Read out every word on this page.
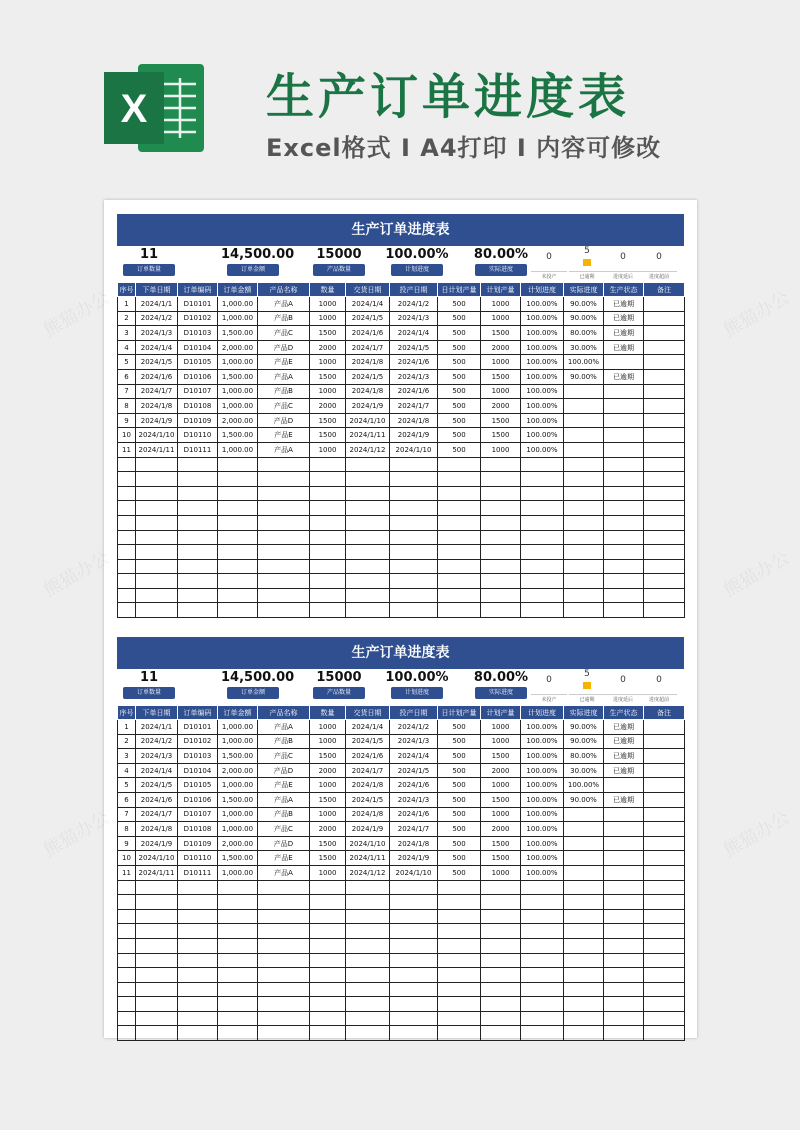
X 生产订单进度表
Excel格式 I A4打印 I 内容可修改
生产订单进度表
11
订单数量
14,500.00
订单金额
15000
产品数量
100.00%
计划进度
80.00%
实际进度
0
未投产
5
已逾期
0
进度延后
0
进度超前
序号	下单日期	订单编码	订单金额	产品名称	数量	交货日期	投产日期	日计划产量	计划产量	计划进度	实际进度	生产状态	备注
1	2024/1/1	D10101	1,000.00	产品A	1000	2024/1/4	2024/1/2	500	1000	100.00%	90.00%	已逾期	
2	2024/1/2	D10102	1,000.00	产品B	1000	2024/1/5	2024/1/3	500	1000	100.00%	90.00%	已逾期	
3	2024/1/3	D10103	1,500.00	产品C	1500	2024/1/6	2024/1/4	500	1500	100.00%	80.00%	已逾期	
4	2024/1/4	D10104	2,000.00	产品D	2000	2024/1/7	2024/1/5	500	2000	100.00%	30.00%	已逾期	
5	2024/1/5	D10105	1,000.00	产品E	1000	2024/1/8	2024/1/6	500	1000	100.00%	100.00%		
6	2024/1/6	D10106	1,500.00	产品A	1500	2024/1/5	2024/1/3	500	1500	100.00%	90.00%	已逾期	
7	2024/1/7	D10107	1,000.00	产品B	1000	2024/1/8	2024/1/6	500	1000	100.00%			
8	2024/1/8	D10108	1,000.00	产品C	2000	2024/1/9	2024/1/7	500	2000	100.00%			
9	2024/1/9	D10109	2,000.00	产品D	1500	2024/1/10	2024/1/8	500	1500	100.00%			
10	2024/1/10	D10110	1,500.00	产品E	1500	2024/1/11	2024/1/9	500	1500	100.00%			
11	2024/1/11	D10111	1,000.00	产品A	1000	2024/1/12	2024/1/10	500	1000	100.00%			

生产订单进度表
11
订单数量
14,500.00
订单金额
15000
产品数量
100.00%
计划进度
80.00%
实际进度
0
未投产
5
已逾期
0
进度延后
0
进度超前
序号	下单日期	订单编码	订单金额	产品名称	数量	交货日期	投产日期	日计划产量	计划产量	计划进度	实际进度	生产状态	备注
1	2024/1/1	D10101	1,000.00	产品A	1000	2024/1/4	2024/1/2	500	1000	100.00%	90.00%	已逾期	
2	2024/1/2	D10102	1,000.00	产品B	1000	2024/1/5	2024/1/3	500	1000	100.00%	90.00%	已逾期	
3	2024/1/3	D10103	1,500.00	产品C	1500	2024/1/6	2024/1/4	500	1500	100.00%	80.00%	已逾期	
4	2024/1/4	D10104	2,000.00	产品D	2000	2024/1/7	2024/1/5	500	2000	100.00%	30.00%	已逾期	
5	2024/1/5	D10105	1,000.00	产品E	1000	2024/1/8	2024/1/6	500	1000	100.00%	100.00%		
6	2024/1/6	D10106	1,500.00	产品A	1500	2024/1/5	2024/1/3	500	1500	100.00%	90.00%	已逾期	
7	2024/1/7	D10107	1,000.00	产品B	1000	2024/1/8	2024/1/6	500	1000	100.00%			
8	2024/1/8	D10108	1,000.00	产品C	2000	2024/1/9	2024/1/7	500	2000	100.00%			
9	2024/1/9	D10109	2,000.00	产品D	1500	2024/1/10	2024/1/8	500	1500	100.00%			
10	2024/1/10	D10110	1,500.00	产品E	1500	2024/1/11	2024/1/9	500	1500	100.00%			
11	2024/1/11	D10111	1,000.00	产品A	1000	2024/1/12	2024/1/10	500	1000	100.00%			

熊猫办公
熊猫办公
熊猫办公
熊猫办公
熊猫办公
熊猫办公
